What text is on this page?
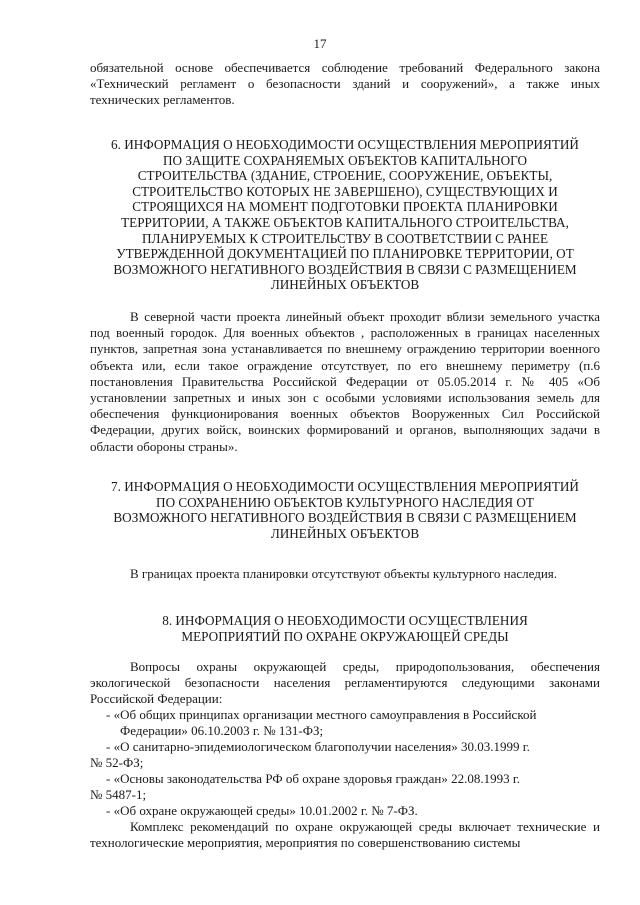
17

обязательной основе обеспечивается соблюдение требований Федерального закона

«Технический регламент о безопасности зданий и сооружений», а также иных

технических регламентов.

6. ИНФОРМАЦИЯ О НЕОБХОДИМОСТИ ОСУЩЕСТВЛЕНИЯ МЕРОПРИЯТИЙ
ПО ЗАЩИТЕ СОХРАНЯЕМЫХ ОБЪЕКТОВ КАПИТАЛЬНОГО
СТРОИТЕЛЬСТВА (ЗДАНИЕ, СТРОЕНИЕ, СООРУЖЕНИЕ, ОБЪЕКТЫ,
СТРОИТЕЛЬСТВО КОТОРЫХ НЕ ЗАВЕРШЕНО), СУЩЕСТВУЮЩИХ И
СТРОЯЩИХСЯ НА МОМЕНТ ПОДГОТОВКИ ПРОЕКТА ПЛАНИРОВКИ
ТЕРРИТОРИИ, А ТАКЖЕ ОБЪЕКТОВ КАПИТАЛЬНОГО СТРОИТЕЛЬСТВА,
ПЛАНИРУЕМЫХ К СТРОИТЕЛЬСТВУ В СООТВЕТСТВИИ С РАНЕЕ
УТВЕРЖДЕННОЙ ДОКУМЕНТАЦИЕЙ ПО ПЛАНИРОВКЕ ТЕРРИТОРИИ, ОТ
ВОЗМОЖНОГО НЕГАТИВНОГО ВОЗДЕЙСТВИЯ В СВЯЗИ С РАЗМЕЩЕНИЕМ
ЛИНЕЙНЫХ ОБЪЕКТОВ

В северной части проекта линейный объект проходит вблизи земельного участка под военный городок. Для военных объектов , расположенных в границах населенных пунктов, запретная зона устанавливается по внешнему ограждению территории военного объекта или, если такое ограждение отсутствует, по его внешнему периметру (п.6 постановления Правительства Российской Федерации от 05.05.2014 г. № 405 «Об установлении запретных и иных зон с особыми условиями использования земель для обеспечения функционирования военных объектов Вооруженных Сил Российской Федерации, других войск, воинских формирований и органов, выполняющих задачи в области обороны страны».

7. ИНФОРМАЦИЯ О НЕОБХОДИМОСТИ ОСУЩЕСТВЛЕНИЯ МЕРОПРИЯТИЙ
ПО СОХРАНЕНИЮ ОБЪЕКТОВ КУЛЬТУРНОГО НАСЛЕДИЯ ОТ
ВОЗМОЖНОГО НЕГАТИВНОГО ВОЗДЕЙСТВИЯ В СВЯЗИ С РАЗМЕЩЕНИЕМ
ЛИНЕЙНЫХ ОБЪЕКТОВ

В границах проекта планировки отсутствуют объекты культурного наследия.

8. ИНФОРМАЦИЯ О НЕОБХОДИМОСТИ ОСУЩЕСТВЛЕНИЯ
МЕРОПРИЯТИЙ ПО ОХРАНЕ ОКРУЖАЮЩЕЙ СРЕДЫ

Вопросы охраны окружающей среды, природопользования, обеспечения экологической безопасности населения регламентируются следующими законами Российской Федерации:

- «Об общих принципах организации местного самоуправления в Российской
Федерации» 06.10.2003 г. № 131-ФЗ;

- «О санитарно-эпидемиологическом благополучии населения» 30.03.1999 г.
№ 52-ФЗ;

- «Основы законодательства РФ об охране здоровья граждан» 22.08.1993 г.
№ 5487-1;

- «Об охране окружающей среды» 10.01.2002 г. № 7-ФЗ.

Комплекс рекомендаций по охране окружающей среды включает технические и технологические мероприятия, мероприятия по совершенствованию системы
